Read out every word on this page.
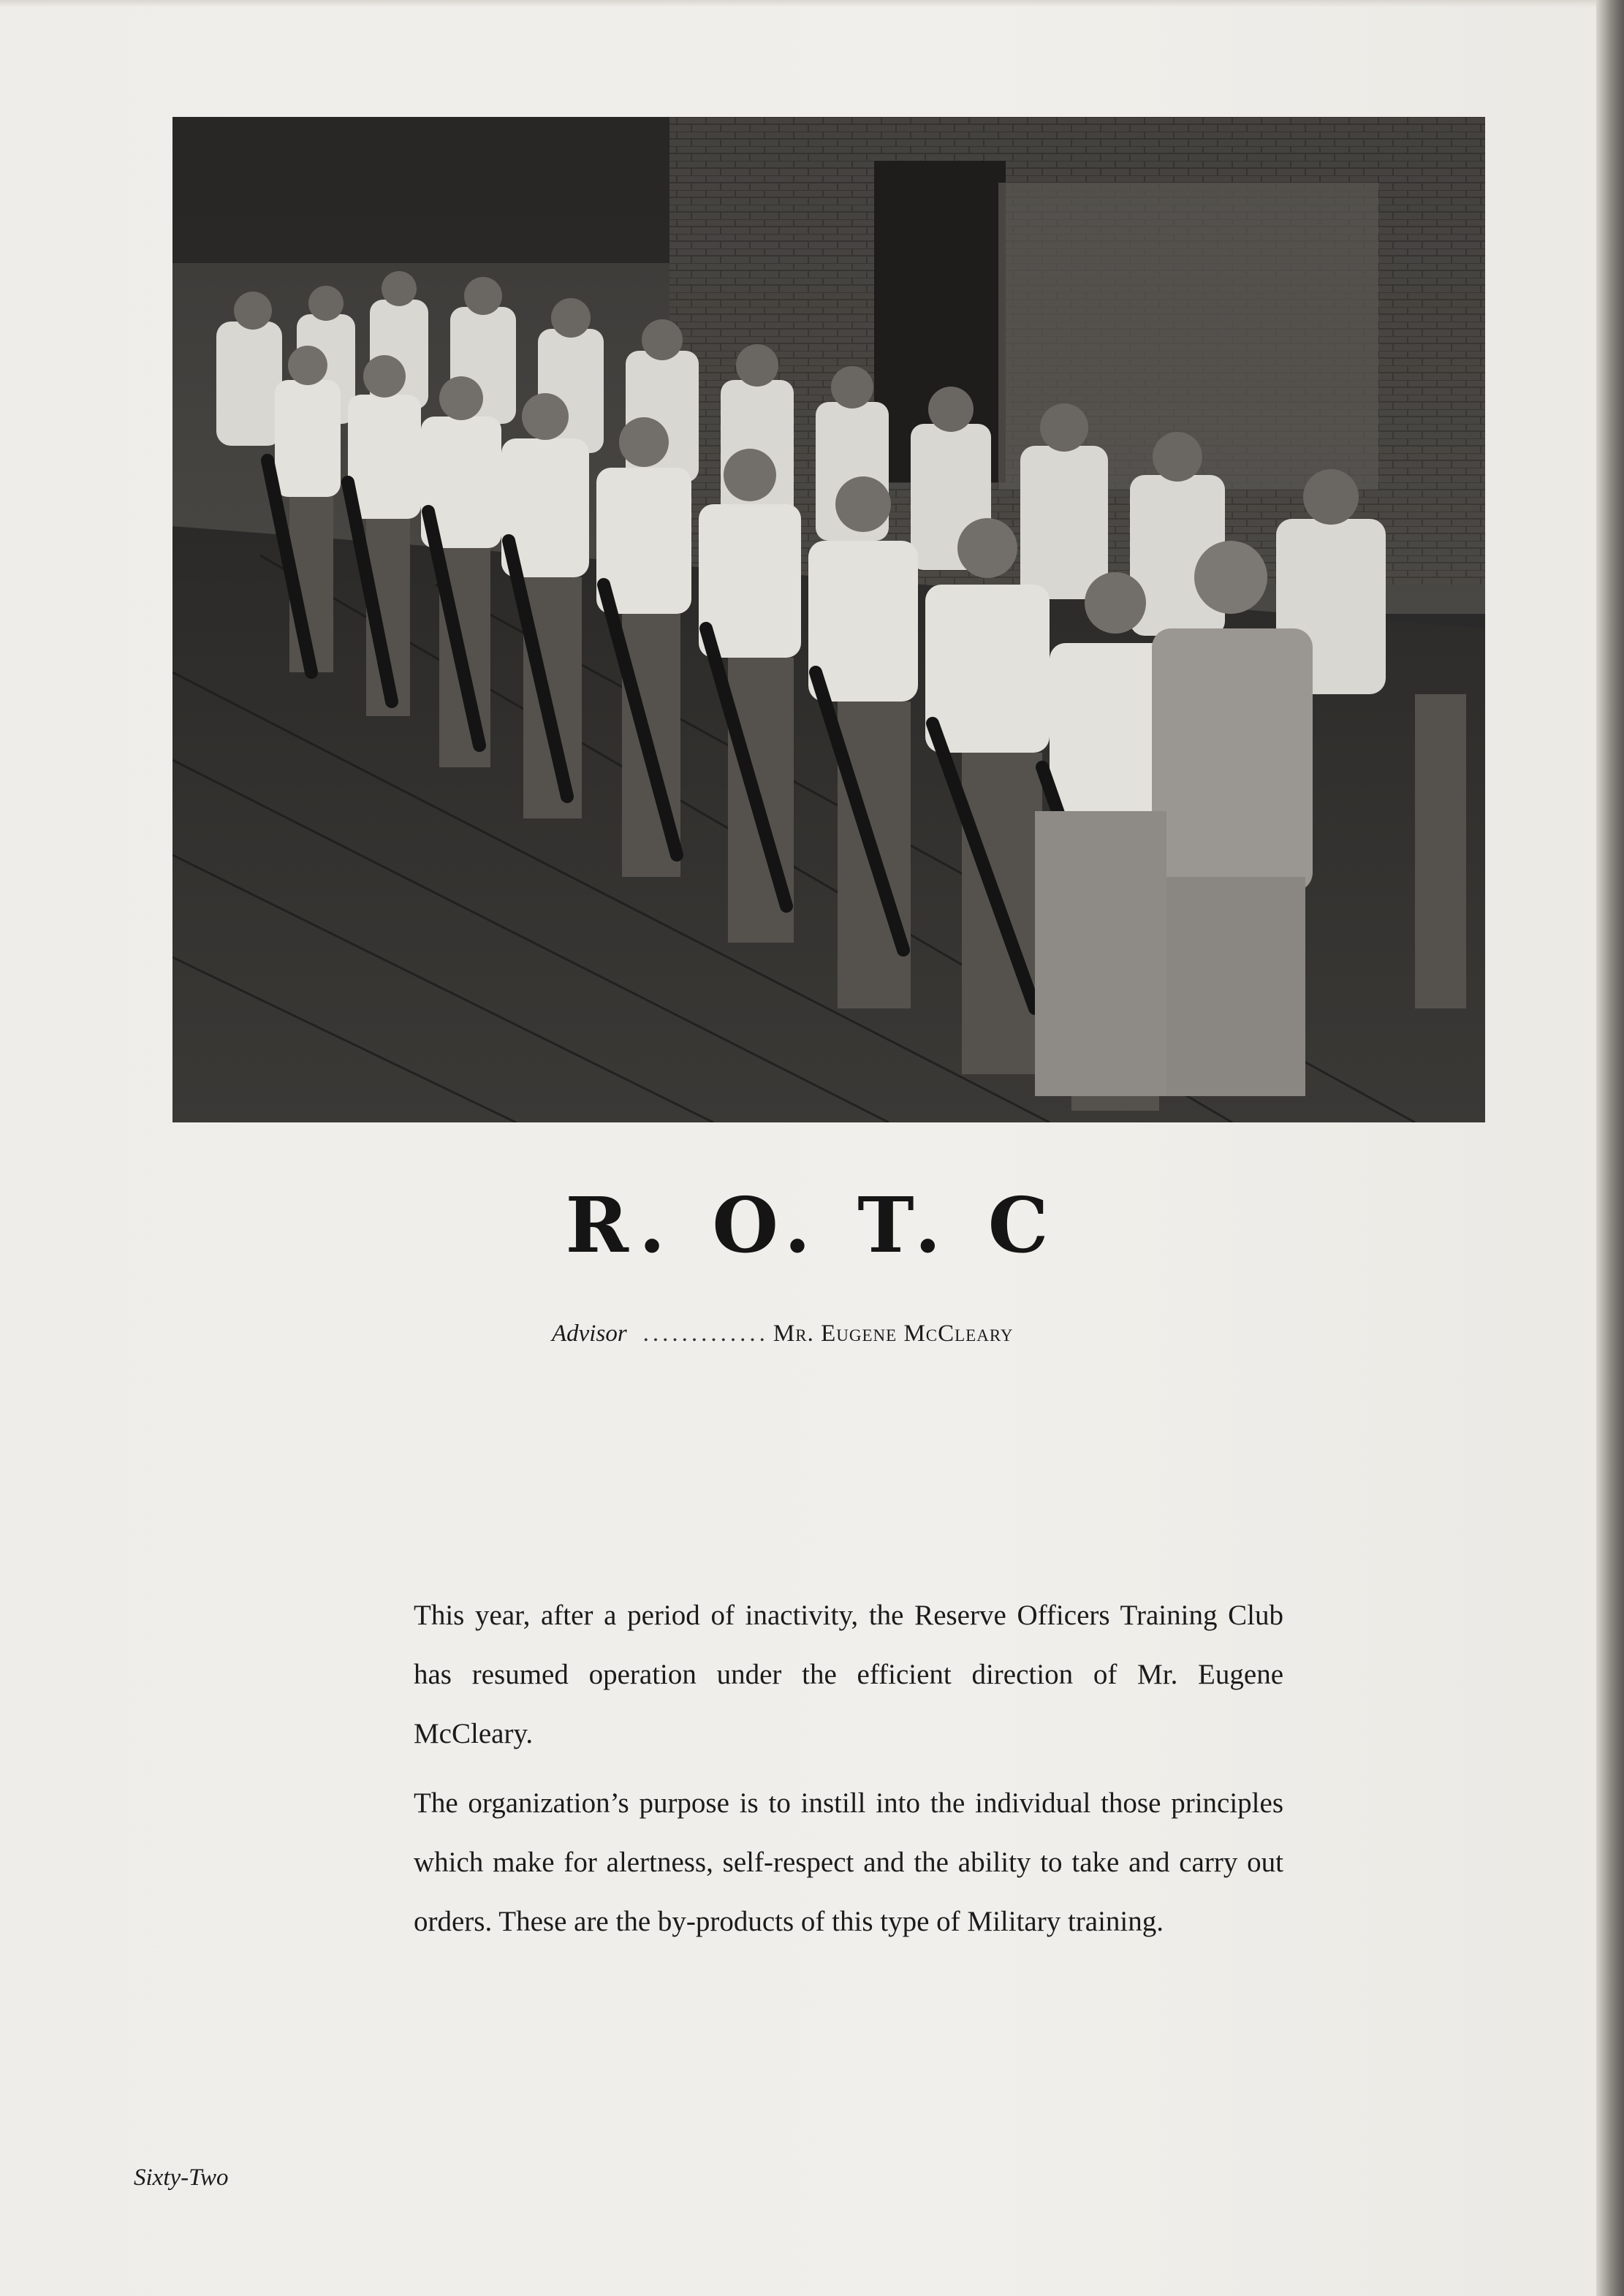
R. O. T. C
Advisor ............. Mr. Eugene McCleary

This year, after a period of inactivity, the Reserve Officers Training Club has resumed operation under the efficient direction of Mr. Eugene McCleary.

The organization’s purpose is to instill into the individual those principles which make for alertness, self-respect and the ability to take and carry out orders. These are the by-products of this type of Military training.

Sixty-Two
